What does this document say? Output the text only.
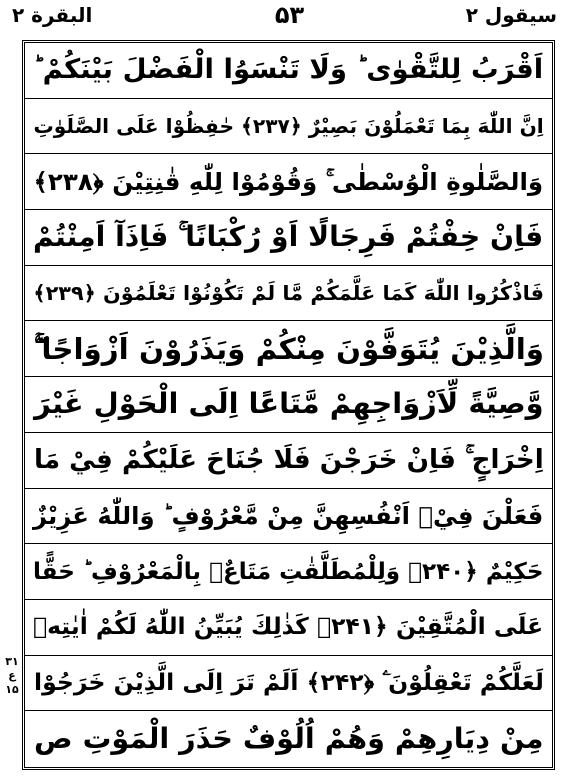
البقرة ٢	۵۳	سيقول ٢
۳١
ع
۱۵
اَقْرَبُ لِلتَّقْوٰى ؕ وَلَا تَنْسَوُا الْفَضْلَ بَيْنَكُمْ ؕ
اِنَّ اللّٰهَ بِمَا تَعْمَلُوْنَ بَصِيْرٌ ﴿۲۳۷﴾ حٰفِظُوْا عَلَى الصَّلَوٰتِ
وَالصَّلٰوةِ الْوُسْطٰى ۚ وَقُوْمُوْا لِلّٰهِ قٰنِتِيْنَ ﴿۲۳۸﴾
فَاِنْ خِفْتُمْ فَرِجَالًا اَوْ رُكْبَانًا ۚ فَاِذَآ اَمِنْتُمْ
فَاذْكُرُوا اللّٰهَ كَمَا عَلَّمَكُمْ مَّا لَمْ تَكُوْنُوْا تَعْلَمُوْنَ ﴿۲۳۹﴾
وَالَّذِيْنَ يُتَوَفَّوْنَ مِنْكُمْ وَيَذَرُوْنَ اَزْوَاجًا ۖۚ
وَّصِيَّةً لِّاَزْوَاجِهِمْ مَّتَاعًا اِلَى الْحَوْلِ غَيْرَ
اِخْرَاجٍ ۚ فَاِنْ خَرَجْنَ فَلَا جُنَاحَ عَلَيْكُمْ فِيْ مَا
فَعَلْنَ فِيْۤ اَنْفُسِهِنَّ مِنْ مَّعْرُوْفٍ ؕ وَاللّٰهُ عَزِيْزٌ
حَكِيْمٌ ﴿۲۴۰﴾ وَلِلْمُطَلَّقٰتِ مَتَاعٌۢ بِالْمَعْرُوْفِ ؕ حَقًّا
عَلَى الْمُتَّقِيْنَ ﴿۲۴۱﴾ كَذٰلِكَ يُبَيِّنُ اللّٰهُ لَكُمْ اٰيٰتِهٖ
لَعَلَّكُمْ تَعْقِلُوْنَ ۧ ﴿۲۴۲﴾ اَلَمْ تَرَ اِلَى الَّذِيْنَ خَرَجُوْا
مِنْ دِيَارِهِمْ وَهُمْ اُلُوْفٌ حَذَرَ الْمَوْتِ ص
